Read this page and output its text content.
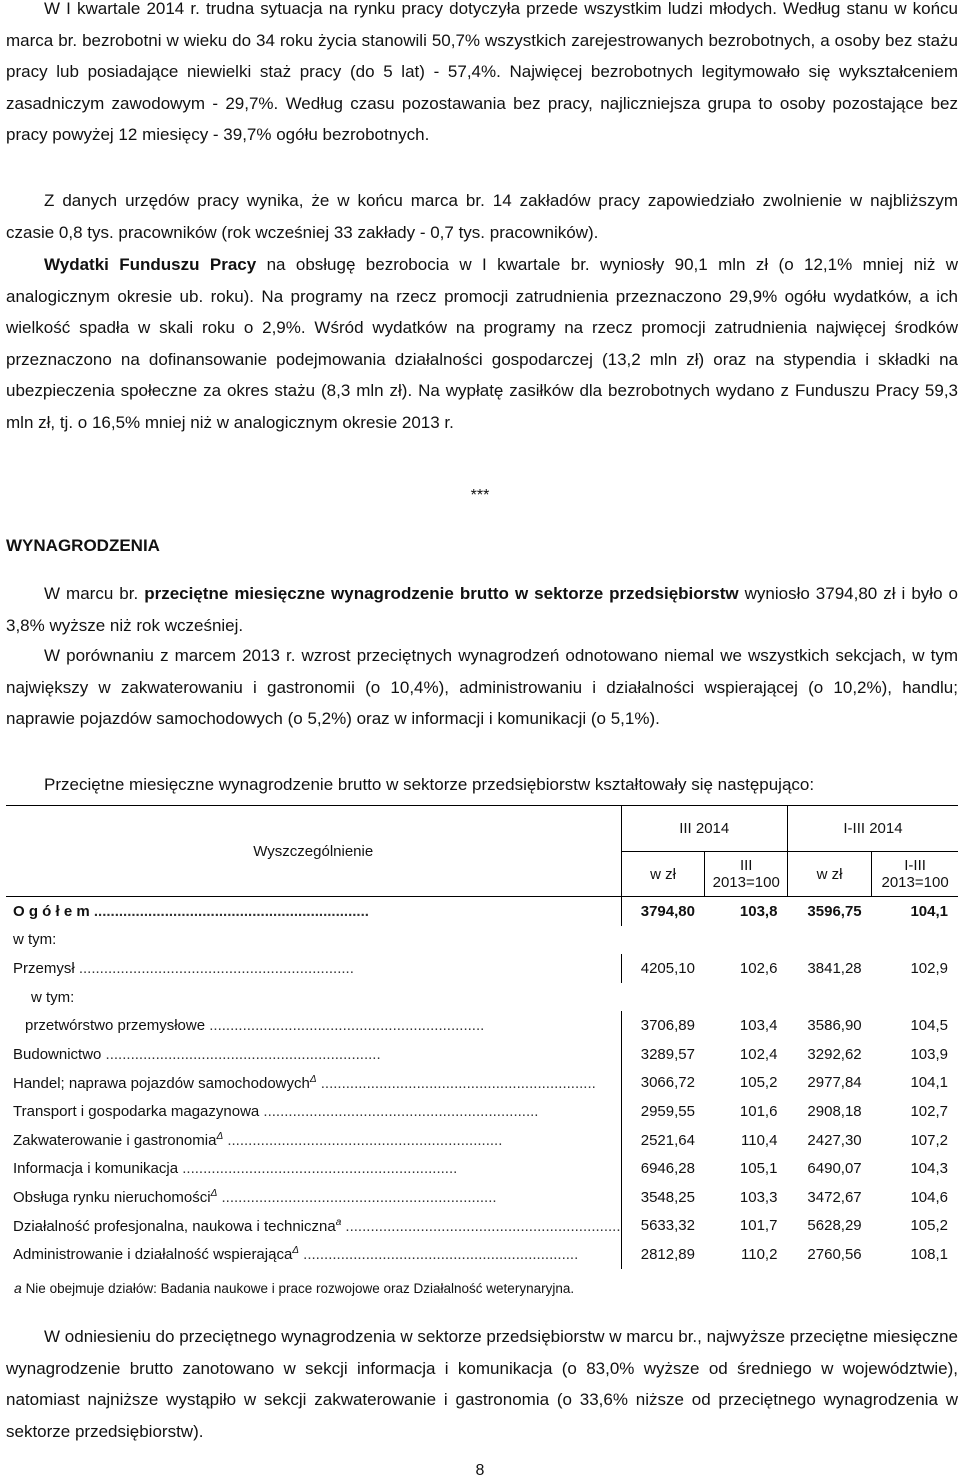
W I kwartale 2014 r. trudna sytuacja na rynku pracy dotyczyła przede wszystkim ludzi młodych. Według stanu w końcu marca br. bezrobotni w wieku do 34 roku życia stanowili 50,7% wszystkich zarejestrowanych bezrobotnych, a osoby bez stażu pracy lub posiadające niewielki staż pracy (do 5 lat) - 57,4%. Najwięcej bezrobotnych legitymowało się wykształceniem zasadniczym zawodowym - 29,7%. Według czasu pozostawania bez pracy, najliczniejsza grupa to osoby pozostające bez pracy powyżej 12 miesięcy - 39,7% ogółu bezrobotnych.

Z danych urzędów pracy wynika, że w końcu marca br. 14 zakładów pracy zapowiedziało zwolnienie w najbliższym czasie 0,8 tys. pracowników (rok wcześniej 33 zakłady - 0,7 tys. pracowników).

Wydatki Funduszu Pracy na obsługę bezrobocia w I kwartale br. wyniosły 90,1 mln zł (o 12,1% mniej niż w analogicznym okresie ub. roku). Na programy na rzecz promocji zatrudnienia przeznaczono 29,9% ogółu wydatków, a ich wielkość spadła w skali roku o 2,9%. Wśród wydatków na programy na rzecz promocji zatrudnienia najwięcej środków przeznaczono na dofinansowanie podejmowania działalności gospodarczej (13,2 mln zł) oraz na stypendia i składki na ubezpieczenia społeczne za okres stażu (8,3 mln zł). Na wypłatę zasiłków dla bezrobotnych wydano z Funduszu Pracy 59,3 mln zł, tj. o 16,5% mniej niż w analogicznym okresie 2013 r.

***
WYNAGRODZENIA

W marcu br. przeciętne miesięczne wynagrodzenie brutto w sektorze przedsiębiorstw wyniosło 3794,80 zł i było o 3,8% wyższe niż rok wcześniej.

W porównaniu z marcem 2013 r. wzrost przeciętnych wynagrodzeń odnotowano niemal we wszystkich sekcjach, w tym największy w zakwaterowaniu i gastronomii (o 10,4%), administrowaniu i działalności wspierającej (o 10,2%), handlu; naprawie pojazdów samochodowych (o 5,2%) oraz w informacji i komunikacji (o 5,1%).

Przeciętne miesięczne wynagrodzenie brutto w sektorze przedsiębiorstw kształtowały się następująco:
Wyszczególnienie	III 2014		I-III 2014	
	w zł	III 2013=100	w zł	I-III 2013=100
O g ó ł e m ..................................................................	3794,80	103,8	3596,75	104,1
w tym:				
Przemysł ..................................................................	4205,10	102,6	3841,28	102,9
w tym:				
przetwórstwo przemysłowe ..................................................................	3706,89	103,4	3586,90	104,5
Budownictwo ..................................................................	3289,57	102,4	3292,62	103,9
Handel; naprawa pojazdów samochodowych$^\Delta$ ..................................................................	3066,72	105,2	2977,84	104,1
Transport i gospodarka magazynowa ..................................................................	2959,55	101,6	2908,18	102,7
Zakwaterowanie i gastronomia$^\Delta$ ..................................................................	2521,64	110,4	2427,30	107,2
Informacja i komunikacja ..................................................................	6946,28	105,1	6490,07	104,3
Obsługa rynku nieruchomości$^\Delta$ ..................................................................	3548,25	103,3	3472,67	104,6
Działalność profesjonalna, naukowa i techniczna$^a$ ..................................................................	5633,32	101,7	5628,29	105,2
Administrowanie i działalność wspierająca$^\Delta$ ..................................................................	2812,89	110,2	2760,56	108,1
a Nie obejmuje działów: Badania naukowe i prace rozwojowe oraz Działalność weterynaryjna.

W odniesieniu do przeciętnego wynagrodzenia w sektorze przedsiębiorstw w marcu br., najwyższe przeciętne miesięczne wynagrodzenie brutto zanotowano w sekcji informacja i komunikacja (o 83,0% wyższe od średniego w województwie), natomiast najniższe wystąpiło w sekcji zakwaterowanie i gastronomia (o 33,6% niższe od przeciętnego wynagrodzenia w sektorze przedsiębiorstw).

8
